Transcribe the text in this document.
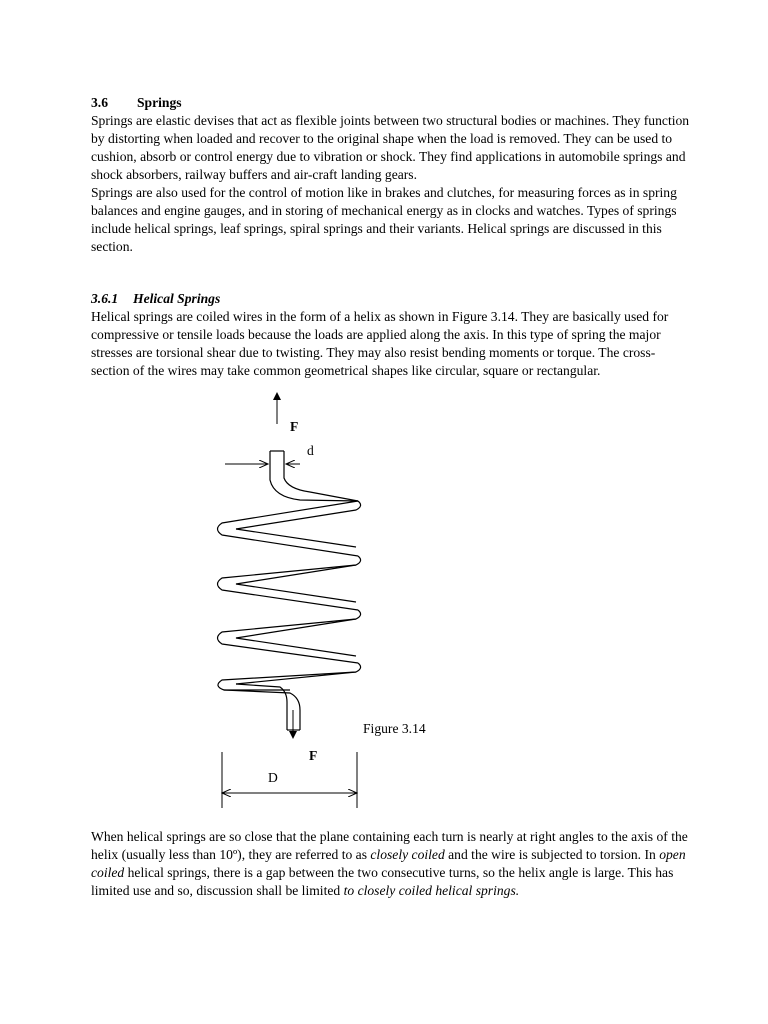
3.6 Springs

Springs are elastic devises that act as flexible joints between two structural bodies or machines. They function by distorting when loaded and recover to the original shape when the load is removed. They can be used to cushion, absorb or control energy due to vibration or shock. They find applications in automobile springs and shock absorbers, railway buffers and air-craft landing gears.

Springs are also used for the control of motion like in brakes and clutches, for measuring forces as in spring balances and engine gauges, and in storing of mechanical energy as in clocks and watches. Types of springs include helical springs, leaf springs, spiral springs and their variants. Helical springs are discussed in this section.

3.6.1 Helical Springs

Helical springs are coiled wires in the form of a helix as shown in Figure 3.14. They are basically used for compressive or tensile loads because the loads are applied along the axis. In this type of spring the major stresses are torsional shear due to twisting. They may also resist bending moments or torque. The cross-section of the wires may take common geometrical shapes like circular, square or rectangular.

F
d
F
D
Figure 3.14

When helical springs are so close that the plane containing each turn is nearly at right angles to the axis of the helix (usually less than 10º), they are referred to as closely coiled and the wire is subjected to torsion. In open coiled helical springs, there is a gap between the two consecutive turns, so the helix angle is large. This has limited use and so, discussion shall be limited to closely coiled helical springs.
